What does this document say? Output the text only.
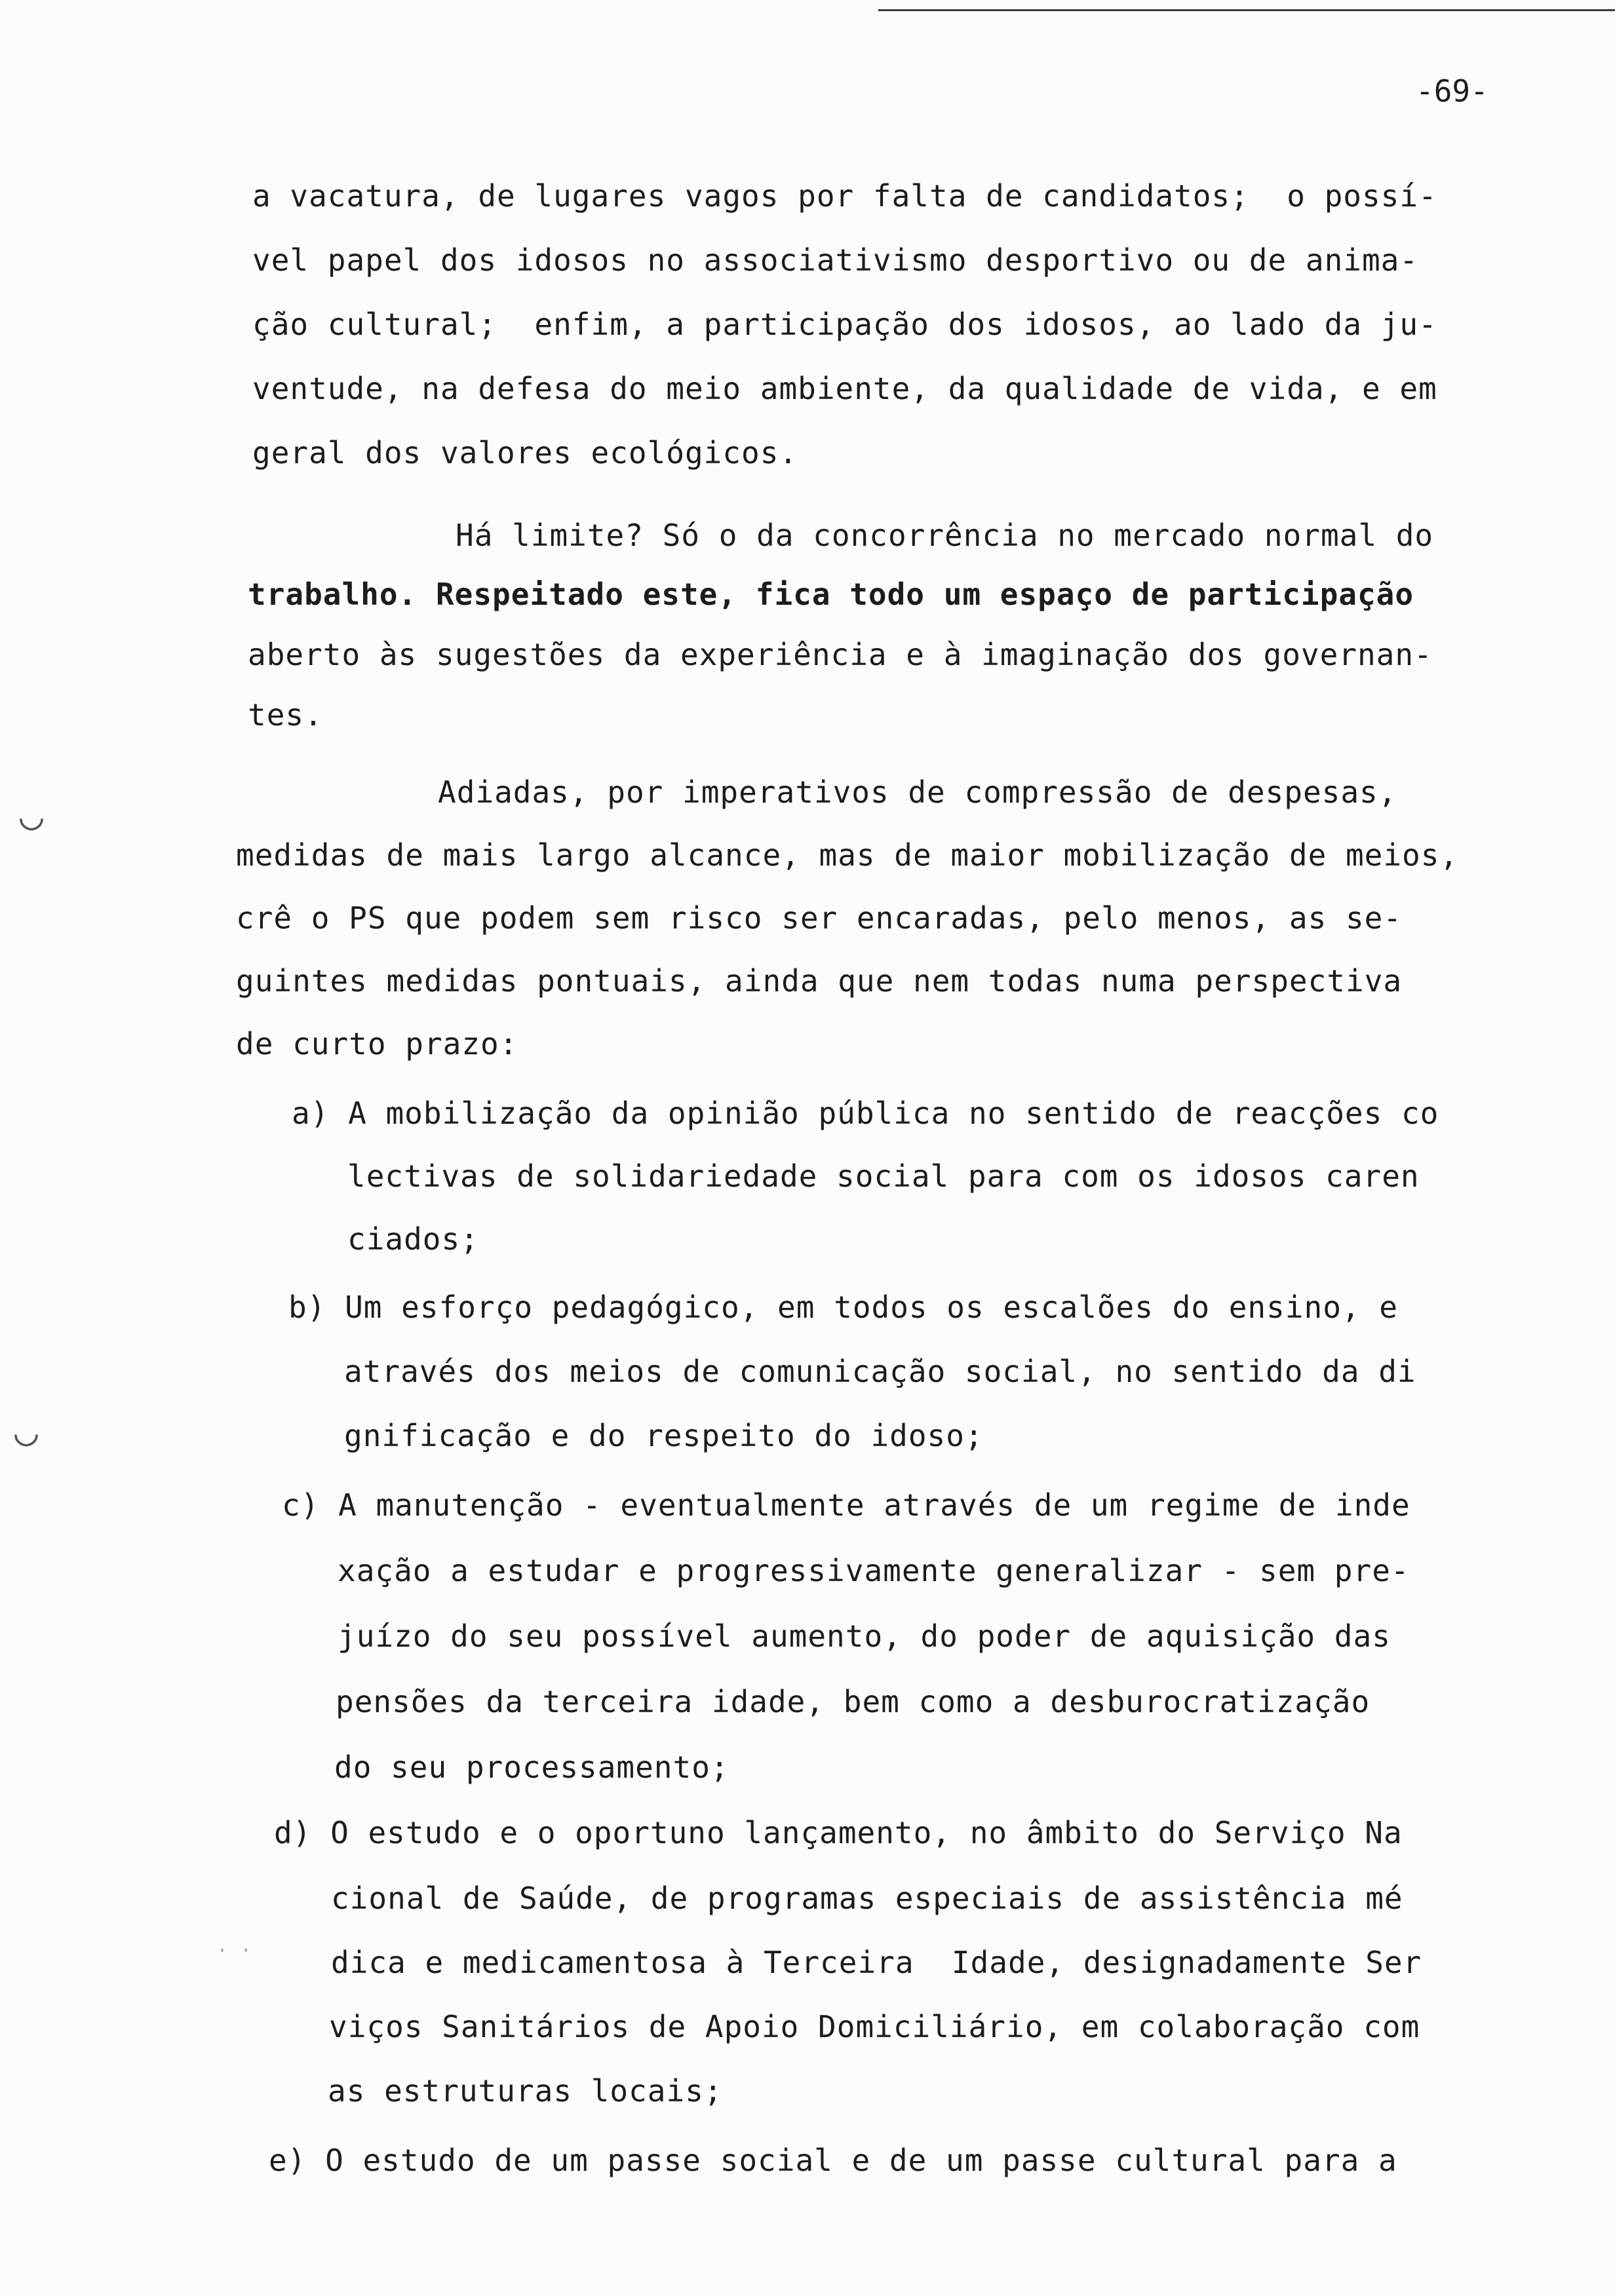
-69-
a vacatura, de lugares vagos por falta de candidatos;  o possí-
vel papel dos idosos no associativismo desportivo ou de anima-
ção cultural;  enfim, a participação dos idosos, ao lado da ju-
ventude, na defesa do meio ambiente, da qualidade de vida, e em
geral dos valores ecológicos.
Há limite? Só o da concorrência no mercado normal do
trabalho. Respeitado este, fica todo um espaço de participação
aberto às sugestões da experiência e à imaginação dos governan-
tes.
Adiadas, por imperativos de compressão de despesas,
medidas de mais largo alcance, mas de maior mobilização de meios,
crê o PS que podem sem risco ser encaradas, pelo menos, as se-
guintes medidas pontuais, ainda que nem todas numa perspectiva
de curto prazo:
a) A mobilização da opinião pública no sentido de reacções co
lectivas de solidariedade social para com os idosos caren
ciados;
b) Um esforço pedagógico, em todos os escalões do ensino, e
através dos meios de comunicação social, no sentido da di
gnificação e do respeito do idoso;
c) A manutenção - eventualmente através de um regime de inde
xação a estudar e progressivamente generalizar - sem pre-
juízo do seu possível aumento, do poder de aquisição das
pensões da terceira idade, bem como a desburocratização
do seu processamento;
d) O estudo e o oportuno lançamento, no âmbito do Serviço Na
cional de Saúde, de programas especiais de assistência mé
dica e medicamentosa à Terceira  Idade, designadamente Ser
viços Sanitários de Apoio Domiciliário, em colaboração com
as estruturas locais;
e) O estudo de um passe social e de um passe cultural para a
◡
◡
· ·
